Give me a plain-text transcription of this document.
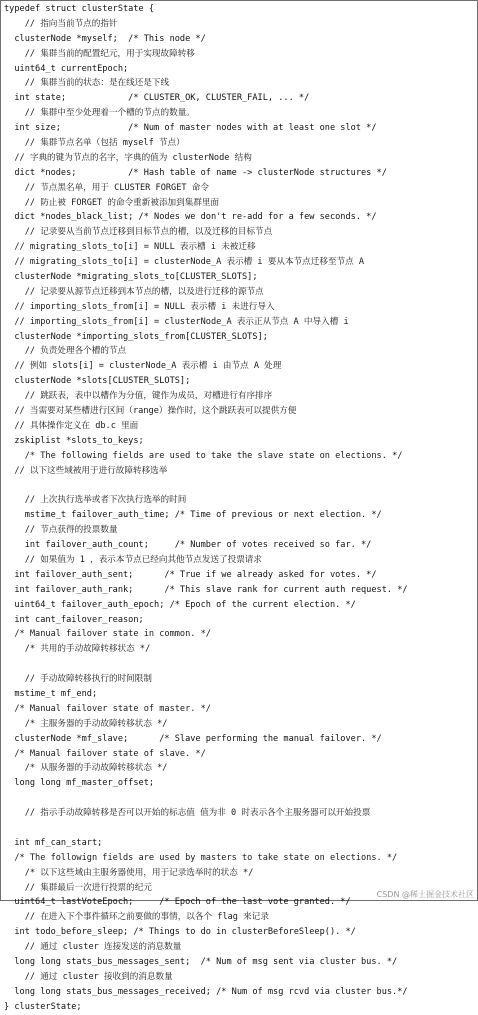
typedef struct clusterState {
// 指向当前节点的指针
clusterNode *myself;  /* This node */
// 集群当前的配置纪元，用于实现故障转移
uint64_t currentEpoch;
// 集群当前的状态：是在线还是下线
int state;            /* CLUSTER_OK, CLUSTER_FAIL, ... */
// 集群中至少处理着一个槽的节点的数量。
int size;             /* Num of master nodes with at least one slot */
// 集群节点名单（包括 myself 节点）
// 字典的键为节点的名字，字典的值为 clusterNode 结构
dict *nodes;          /* Hash table of name -> clusterNode structures */
// 节点黑名单，用于 CLUSTER FORGET 命令
// 防止被 FORGET 的命令重新被添加到集群里面
dict *nodes_black_list; /* Nodes we don't re-add for a few seconds. */
// 记录要从当前节点迁移到目标节点的槽，以及迁移的目标节点
// migrating_slots_to[i] = NULL 表示槽 i 未被迁移
// migrating_slots_to[i] = clusterNode_A 表示槽 i 要从本节点迁移至节点 A
clusterNode *migrating_slots_to[CLUSTER_SLOTS];
// 记录要从源节点迁移到本节点的槽，以及进行迁移的源节点
// importing_slots_from[i] = NULL 表示槽 i 未进行导入
// importing_slots_from[i] = clusterNode_A 表示正从节点 A 中导入槽 i
clusterNode *importing_slots_from[CLUSTER_SLOTS];
// 负责处理各个槽的节点
// 例如 slots[i] = clusterNode_A 表示槽 i 由节点 A 处理
clusterNode *slots[CLUSTER_SLOTS];
// 跳跃表，表中以槽作为分值，键作为成员，对槽进行有序排序
// 当需要对某些槽进行区间（range）操作时，这个跳跃表可以提供方便
// 具体操作定义在 db.c 里面
zskiplist *slots_to_keys;
/* The following fields are used to take the slave state on elections. */
// 以下这些域被用于进行故障转移选举
// 上次执行选举或者下次执行选举的时间
mstime_t failover_auth_time; /* Time of previous or next election. */
// 节点获得的投票数量
int failover_auth_count;     /* Number of votes received so far. */
// 如果值为 1 ，表示本节点已经向其他节点发送了投票请求
int failover_auth_sent;      /* True if we already asked for votes. */
int failover_auth_rank;      /* This slave rank for current auth request. */
uint64_t failover_auth_epoch; /* Epoch of the current election. */
int cant_failover_reason;
/* Manual failover state in common. */
/* 共用的手动故障转移状态 */
// 手动故障转移执行的时间限制
mstime_t mf_end;
/* Manual failover state of master. */
/* 主服务器的手动故障转移状态 */
clusterNode *mf_slave;      /* Slave performing the manual failover. */
/* Manual failover state of slave. */
/* 从服务器的手动故障转移状态 */
long long mf_master_offset;
// 指示手动故障转移是否可以开始的标志值 值为非 0 时表示各个主服务器可以开始投票
int mf_can_start;
/* The followign fields are used by masters to take state on elections. */
/* 以下这些域由主服务器使用，用于记录选举时的状态 */
// 集群最后一次进行投票的纪元
uint64_t lastVoteEpoch;     /* Epoch of the last vote granted. */
// 在进入下个事件循环之前要做的事情，以各个 flag 来记录
int todo_before_sleep; /* Things to do in clusterBeforeSleep(). */
// 通过 cluster 连接发送的消息数量
long long stats_bus_messages_sent;  /* Num of msg sent via cluster bus. */
// 通过 cluster 接收到的消息数量
long long stats_bus_messages_received; /* Num of msg rcvd via cluster bus.*/
} clusterState;
CSDN @稀土掘金技术社区
